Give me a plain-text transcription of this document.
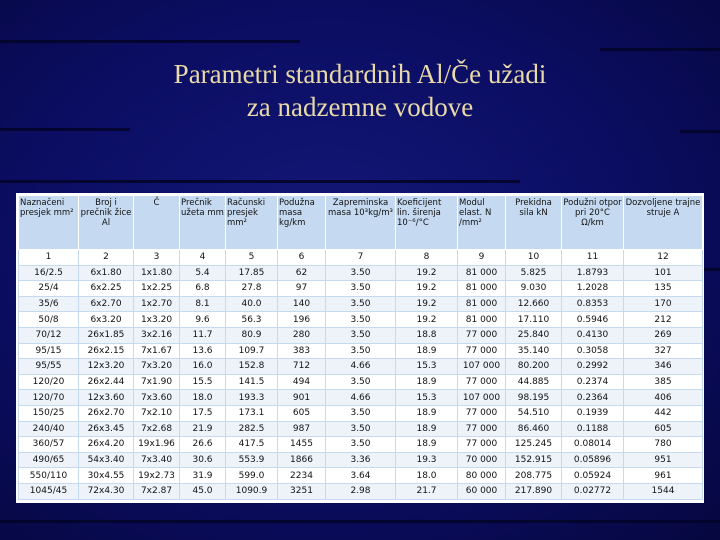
Parametri standardnih Al/Če užadi
za nadzemne vodove
Naznačeni presjek mm²	Broj i prečnik žice Al	Č	Prečnik užeta mm	Računski presjek mm²	Podužna masa kg/km	Zapreminska masa 10³kg/m³	Koeficijent lin. širenja 10⁻⁶/°C	Modul elast. N /mm²	Prekidna sila kN	Podužni otpor pri 20°C Ω/km	Dozvoljene trajne struje A
1	2	3	4	5	6	7	8	9	10	11	12
16/2.5	6x1.80	1x1.80	5.4	17.85	62	3.50	19.2	81 000	5.825	1.8793	101
25/4	6x2.25	1x2.25	6.8	27.8	97	3.50	19.2	81 000	9.030	1.2028	135
35/6	6x2.70	1x2.70	8.1	40.0	140	3.50	19.2	81 000	12.660	0.8353	170
50/8	6x3.20	1x3.20	9.6	56.3	196	3.50	19.2	81 000	17.110	0.5946	212
70/12	26x1.85	3x2.16	11.7	80.9	280	3.50	18.8	77 000	25.840	0.4130	269
95/15	26x2.15	7x1.67	13.6	109.7	383	3.50	18.9	77 000	35.140	0.3058	327
95/55	12x3.20	7x3.20	16.0	152.8	712	4.66	15.3	107 000	80.200	0.2992	346
120/20	26x2.44	7x1.90	15.5	141.5	494	3.50	18.9	77 000	44.885	0.2374	385
120/70	12x3.60	7x3.60	18.0	193.3	901	4.66	15.3	107 000	98.195	0.2364	406
150/25	26x2.70	7x2.10	17.5	173.1	605	3.50	18.9	77 000	54.510	0.1939	442
240/40	26x3.45	7x2.68	21.9	282.5	987	3.50	18.9	77 000	86.460	0.1188	605
360/57	26x4.20	19x1.96	26.6	417.5	1455	3.50	18.9	77 000	125.245	0.08014	780
490/65	54x3.40	7x3.40	30.6	553.9	1866	3.36	19.3	70 000	152.915	0.05896	951
550/110	30x4.55	19x2.73	31.9	599.0	2234	3.64	18.0	80 000	208.775	0.05924	961
1045/45	72x4.30	7x2.87	45.0	1090.9	3251	2.98	21.7	60 000	217.890	0.02772	1544
